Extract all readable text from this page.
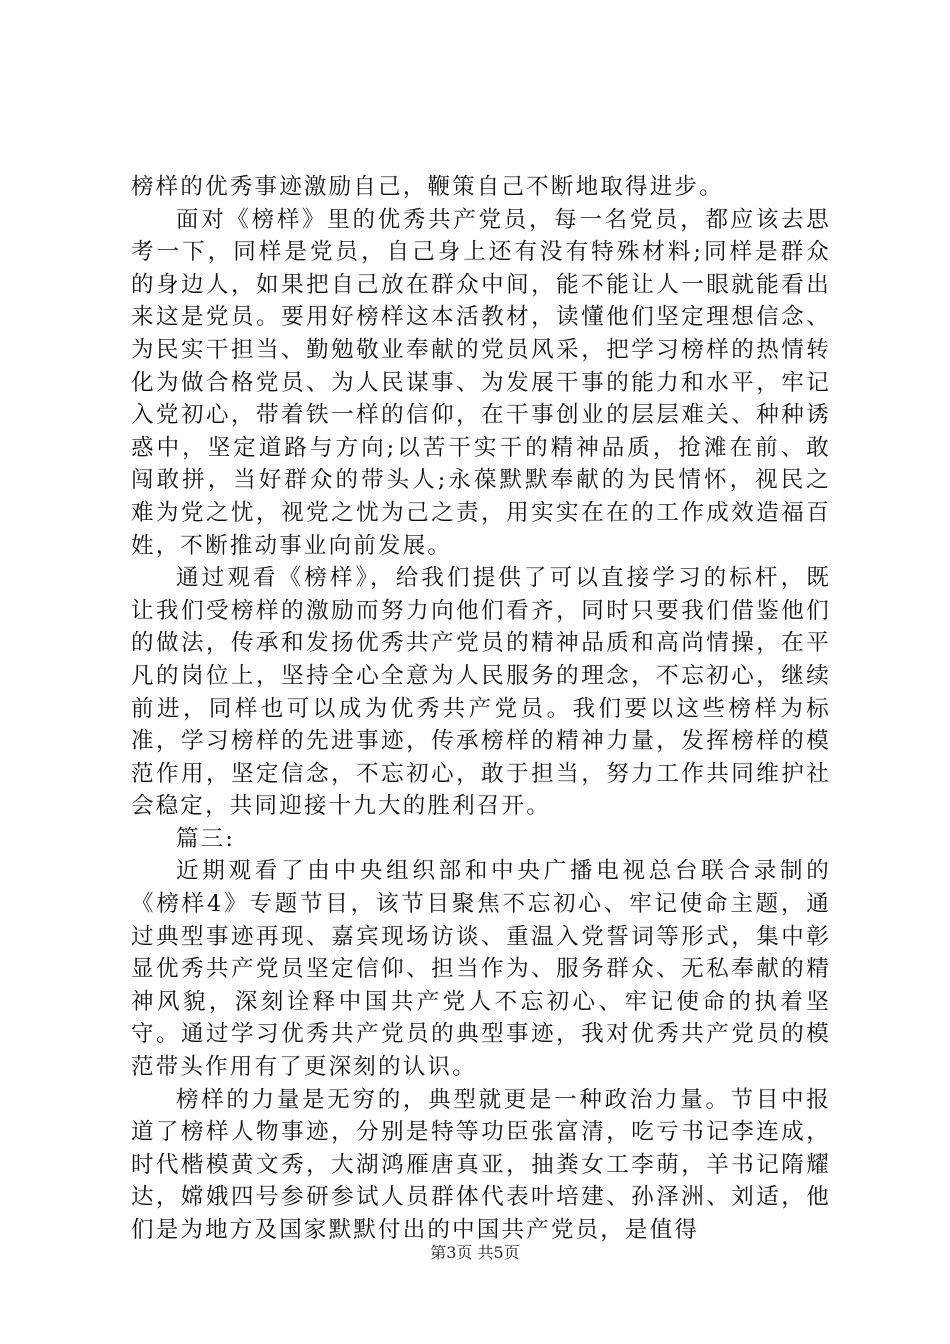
榜样的优秀事迹激励自己，鞭策自己不断地取得进步。

面对《榜样》里的优秀共产党员，每一名党员，都应该去思考一下，同样是党员，自己身上还有没有特殊材料;同样是群众的身边人，如果把自己放在群众中间，能不能让人一眼就能看出来这是党员。要用好榜样这本活教材，读懂他们坚定理想信念、为民实干担当、勤勉敬业奉献的党员风采，把学习榜样的热情转化为做合格党员、为人民谋事、为发展干事的能力和水平，牢记入党初心，带着铁一样的信仰，在干事创业的层层难关、种种诱惑中，坚定道路与方向;以苦干实干的精神品质，抢滩在前、敢闯敢拼，当好群众的带头人;永葆默默奉献的为民情怀，视民之难为党之忧，视党之忧为己之责，用实实在在的工作成效造福百姓，不断推动事业向前发展。

通过观看《榜样》，给我们提供了可以直接学习的标杆，既让我们受榜样的激励而努力向他们看齐，同时只要我们借鉴他们的做法，传承和发扬优秀共产党员的精神品质和高尚情操，在平凡的岗位上，坚持全心全意为人民服务的理念，不忘初心，继续前进，同样也可以成为优秀共产党员。我们要以这些榜样为标准，学习榜样的先进事迹，传承榜样的精神力量，发挥榜样的模范作用，坚定信念，不忘初心，敢于担当，努力工作共同维护社会稳定，共同迎接十九大的胜利召开。

篇三:

近期观看了由中央组织部和中央广播电视总台联合录制的《榜样4》专题节目，该节目聚焦不忘初心、牢记使命主题，通过典型事迹再现、嘉宾现场访谈、重温入党誓词等形式，集中彰显优秀共产党员坚定信仰、担当作为、服务群众、无私奉献的精神风貌，深刻诠释中国共产党人不忘初心、牢记使命的执着坚守。通过学习优秀共产党员的典型事迹，我对优秀共产党员的模范带头作用有了更深刻的认识。

榜样的力量是无穷的，典型就更是一种政治力量。节目中报道了榜样人物事迹，分别是特等功臣张富清，吃亏书记李连成，时代楷模黄文秀，大湖鸿雁唐真亚，抽粪女工李萌，羊书记隋耀达，嫦娥四号参研参试人员群体代表叶培建、孙泽洲、刘适，他们是为地方及国家默默付出的中国共产党员，是值得

第3页 共5页
